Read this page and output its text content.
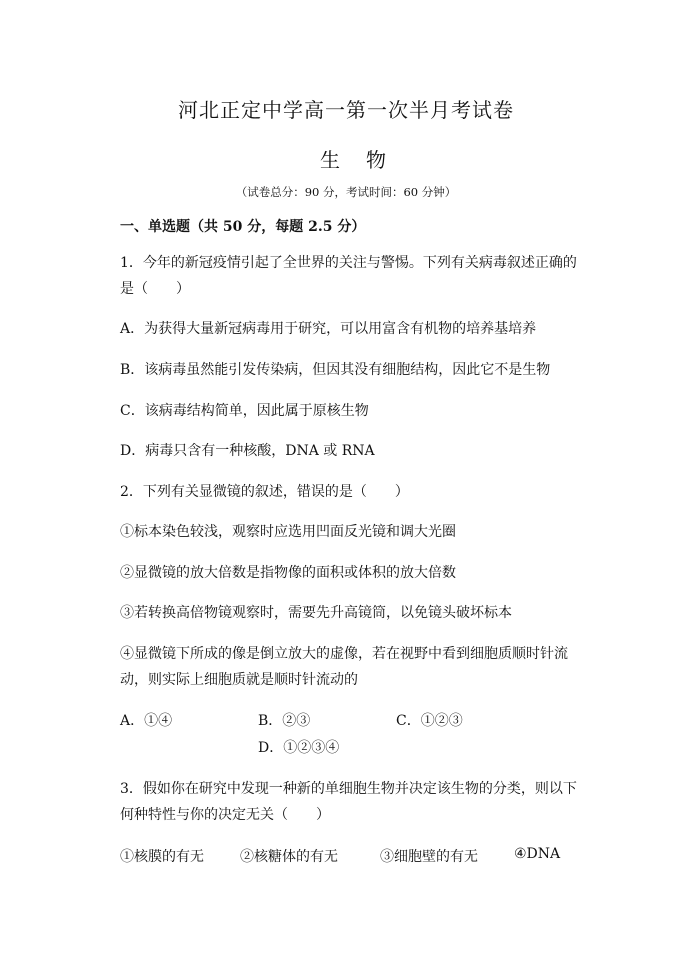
河北正定中学高一第一次半月考试卷
生物
（试卷总分：90 分，考试时间：60 分钟）
一、单选题（共 50 分，每题 2.5 分）
1．今年的新冠疫情引起了全世界的关注与警惕。下列有关病毒叙述正确的
是（　　）
A．为获得大量新冠病毒用于研究，可以用富含有机物的培养基培养
B．该病毒虽然能引发传染病，但因其没有细胞结构，因此它不是生物
C．该病毒结构简单，因此属于原核生物
D．病毒只含有一种核酸，DNA 或 RNA
2．下列有关显微镜的叙述，错误的是（　　）
①标本染色较浅，观察时应选用凹面反光镜和调大光圈
②显微镜的放大倍数是指物像的面积或体积的放大倍数
③若转换高倍物镜观察时，需要先升高镜筒，以免镜头破坏标本
④显微镜下所成的像是倒立放大的虚像，若在视野中看到细胞质顺时针流
动，则实际上细胞质就是顺时针流动的
A．①④	B．②③	C．①②③
D．①②③④
3．假如你在研究中发现一种新的单细胞生物并决定该生物的分类，则以下
何种特性与你的决定无关（　　）
①核膜的有无	②核糖体的有无	③细胞壁的有无	④DNA
